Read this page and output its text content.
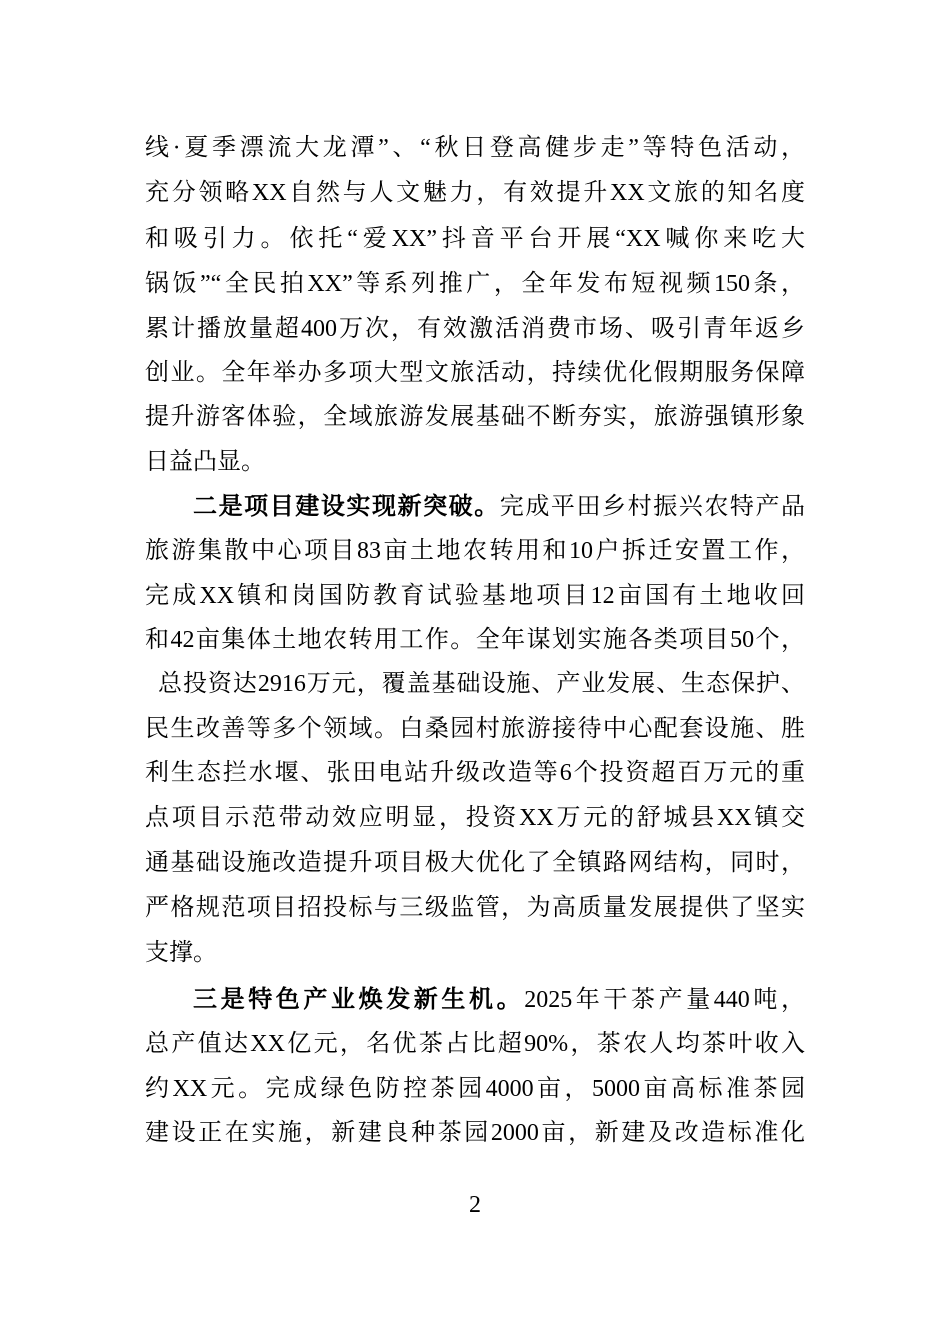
线·夏季漂流大龙潭”、“秋日登高健步走”等特色活动，
充分领略XX自然与人文魅力，有效提升XX文旅的知名度
和吸引力。依托“爱XX”抖音平台开展“XX喊你来吃大
锅饭”“全民拍XX”等系列推广，全年发布短视频150条，
累计播放量超400万次，有效激活消费市场、吸引青年返乡
创业。全年举办多项大型文旅活动，持续优化假期服务保障
提升游客体验，全域旅游发展基础不断夯实，旅游强镇形象
日益凸显。
二是项目建设实现新突破。完成平田乡村振兴农特产品
旅游集散中心项目83亩土地农转用和10户拆迁安置工作，
完成XX镇和岗国防教育试验基地项目12亩国有土地收回
和42亩集体土地农转用工作。全年谋划实施各类项目50个，
总投资达2916万元，覆盖基础设施、产业发展、生态保护、
民生改善等多个领域。白桑园村旅游接待中心配套设施、胜
利生态拦水堰、张田电站升级改造等6个投资超百万元的重
点项目示范带动效应明显，投资XX万元的舒城县XX镇交
通基础设施改造提升项目极大优化了全镇路网结构，同时，
严格规范项目招投标与三级监管，为高质量发展提供了坚实
支撑。
三是特色产业焕发新生机。2025年干茶产量440吨，
总产值达XX亿元，名优茶占比超90%，茶农人均茶叶收入
约XX元。完成绿色防控茶园4000亩，5000亩高标准茶园
建设正在实施，新建良种茶园2000亩，新建及改造标准化
2
